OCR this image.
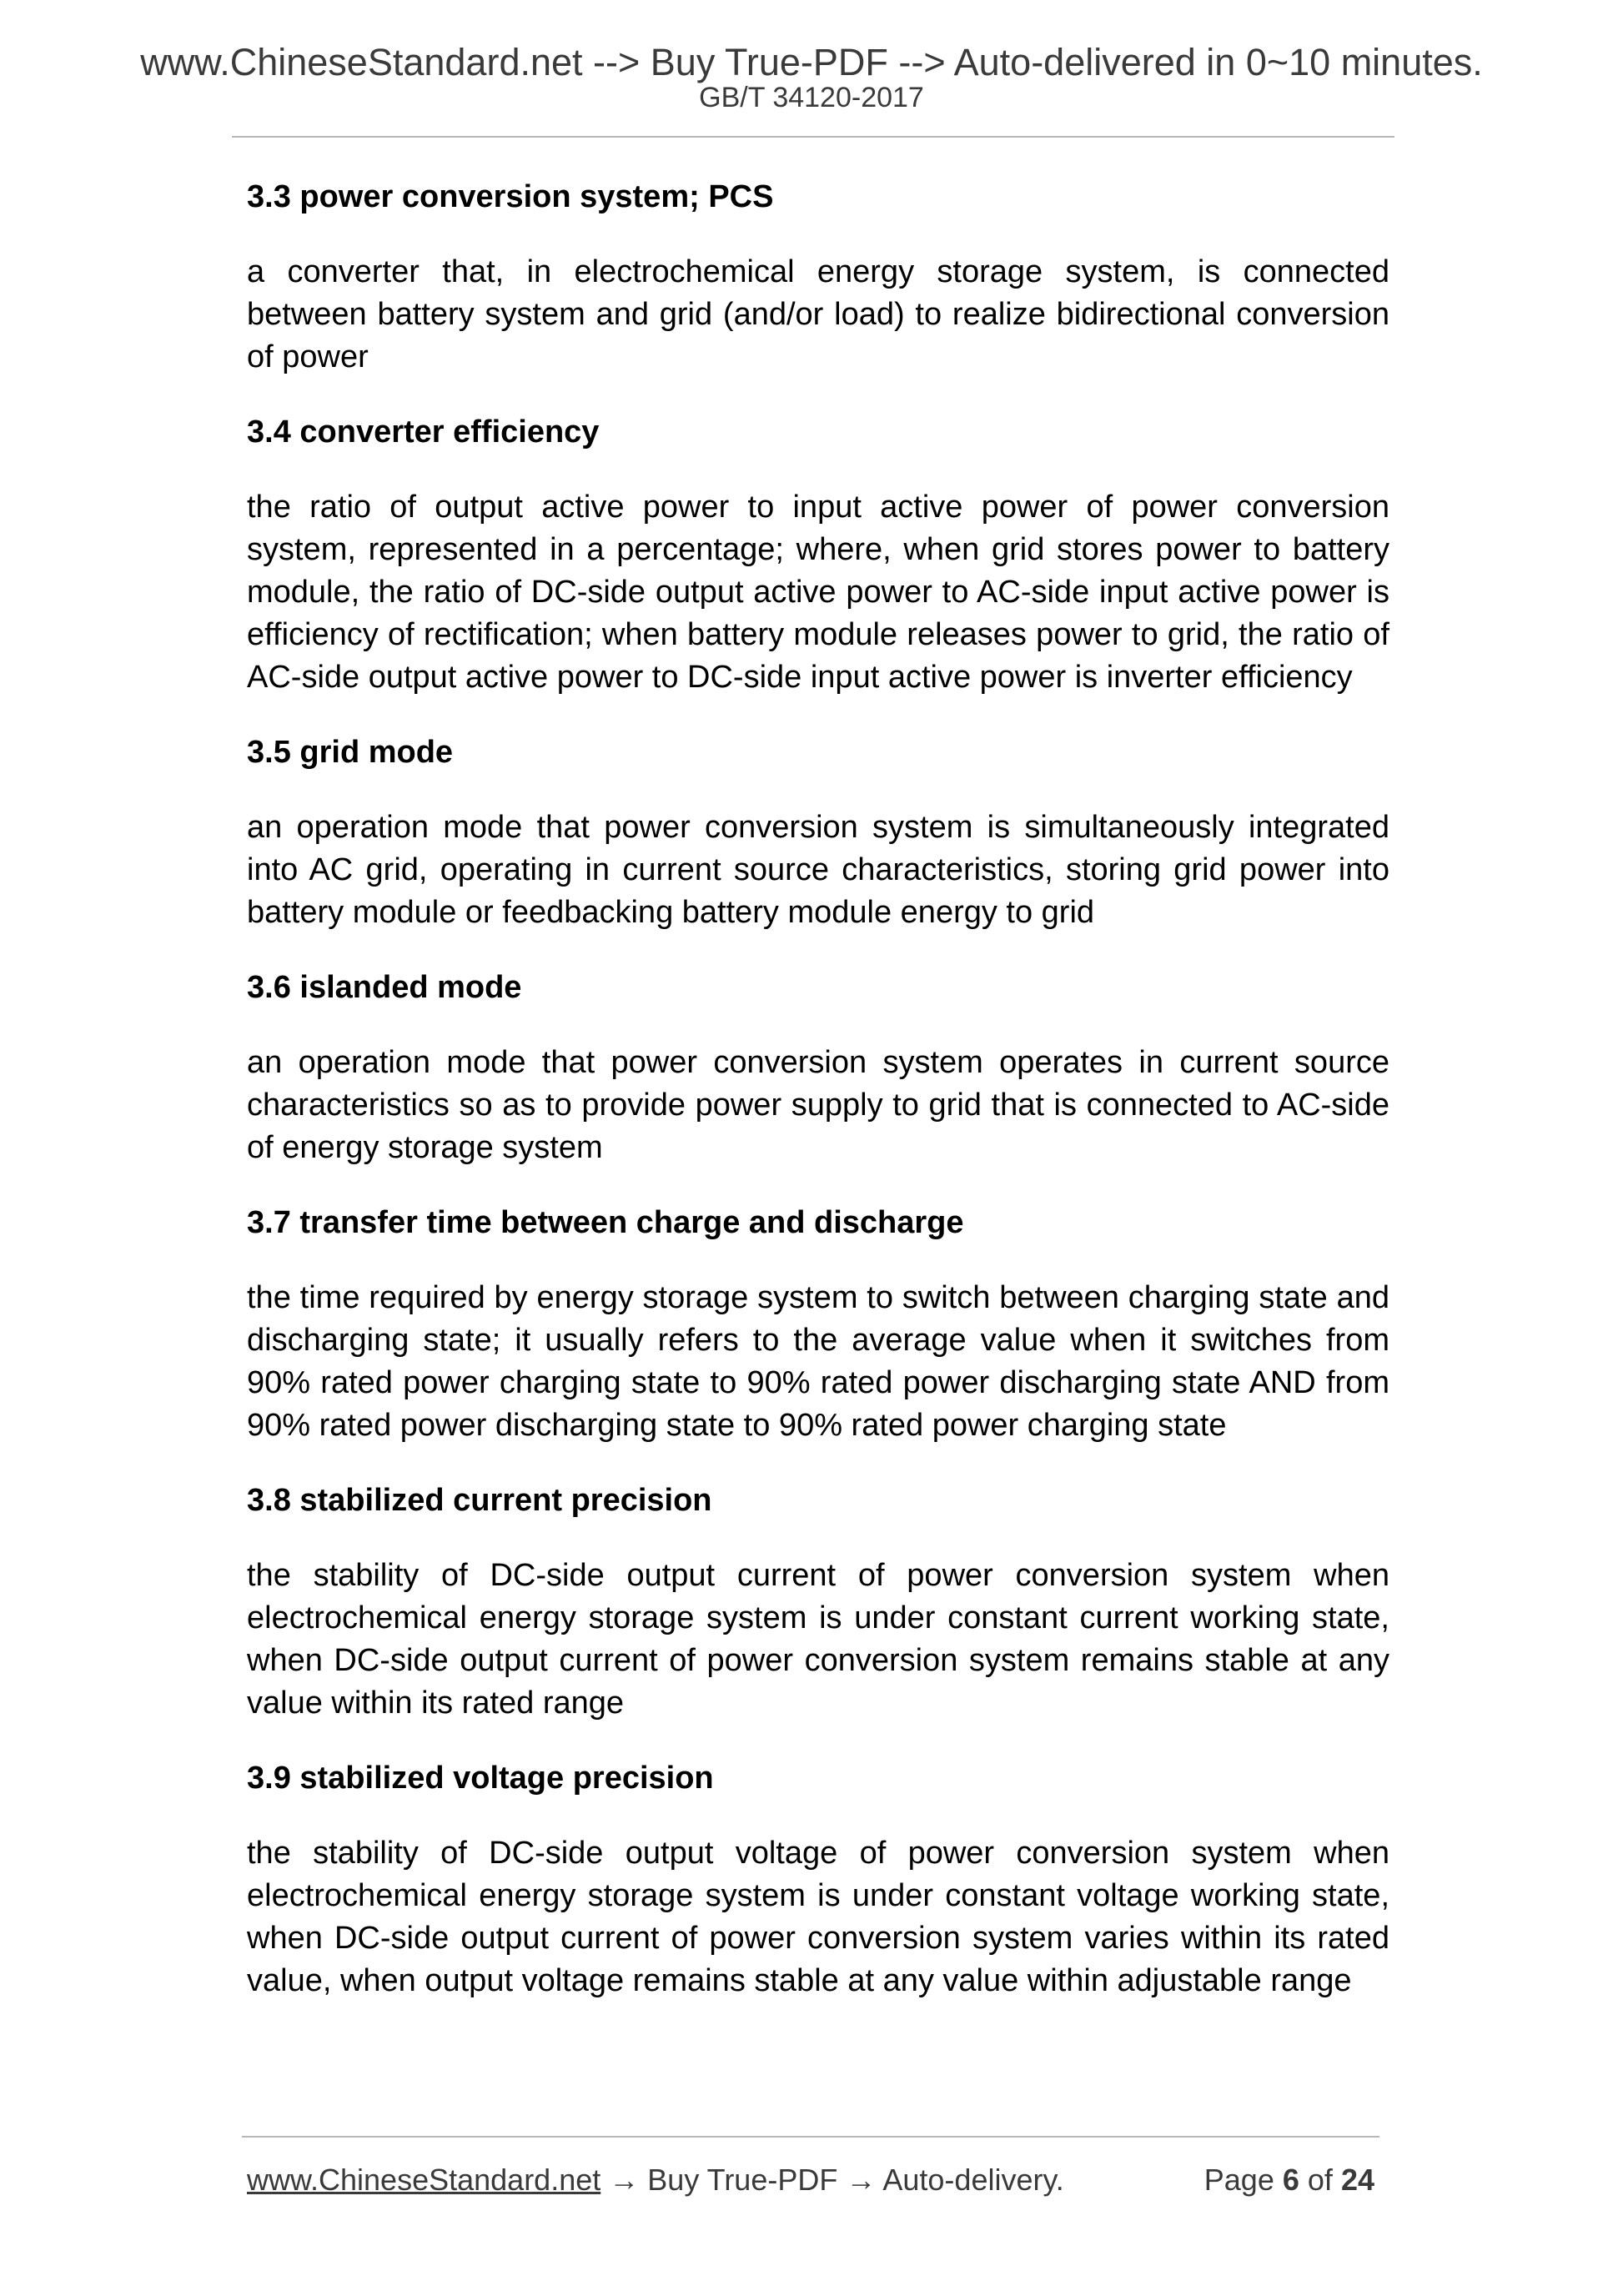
www.ChineseStandard.net --> Buy True-PDF --> Auto-delivered in 0~10 minutes.
GB/T 34120-2017
3.3 power conversion system; PCS
a converter that, in electrochemical energy storage system, is connected between battery system and grid (and/or load) to realize bidirectional conversion of power
3.4 converter efficiency
the ratio of output active power to input active power of power conversion system, represented in a percentage; where, when grid stores power to battery module, the ratio of DC-side output active power to AC-side input active power is efficiency of rectification; when battery module releases power to grid, the ratio of AC-side output active power to DC-side input active power is inverter efficiency
3.5 grid mode
an operation mode that power conversion system is simultaneously integrated into AC grid, operating in current source characteristics, storing grid power into battery module or feedbacking battery module energy to grid
3.6 islanded mode
an operation mode that power conversion system operates in current source characteristics so as to provide power supply to grid that is connected to AC-side of energy storage system
3.7 transfer time between charge and discharge
the time required by energy storage system to switch between charging state and discharging state; it usually refers to the average value when it switches from 90% rated power charging state to 90% rated power discharging state AND from 90% rated power discharging state to 90% rated power charging state
3.8 stabilized current precision
the stability of DC-side output current of power conversion system when electrochemical energy storage system is under constant current working state, when DC-side output current of power conversion system remains stable at any value within its rated range
3.9 stabilized voltage precision
the stability of DC-side output voltage of power conversion system when electrochemical energy storage system is under constant voltage working state, when DC-side output current of power conversion system varies within its rated value, when output voltage remains stable at any value within adjustable range
www.ChineseStandard.net → Buy True-PDF → Auto-delivery.	Page 6 of 24
